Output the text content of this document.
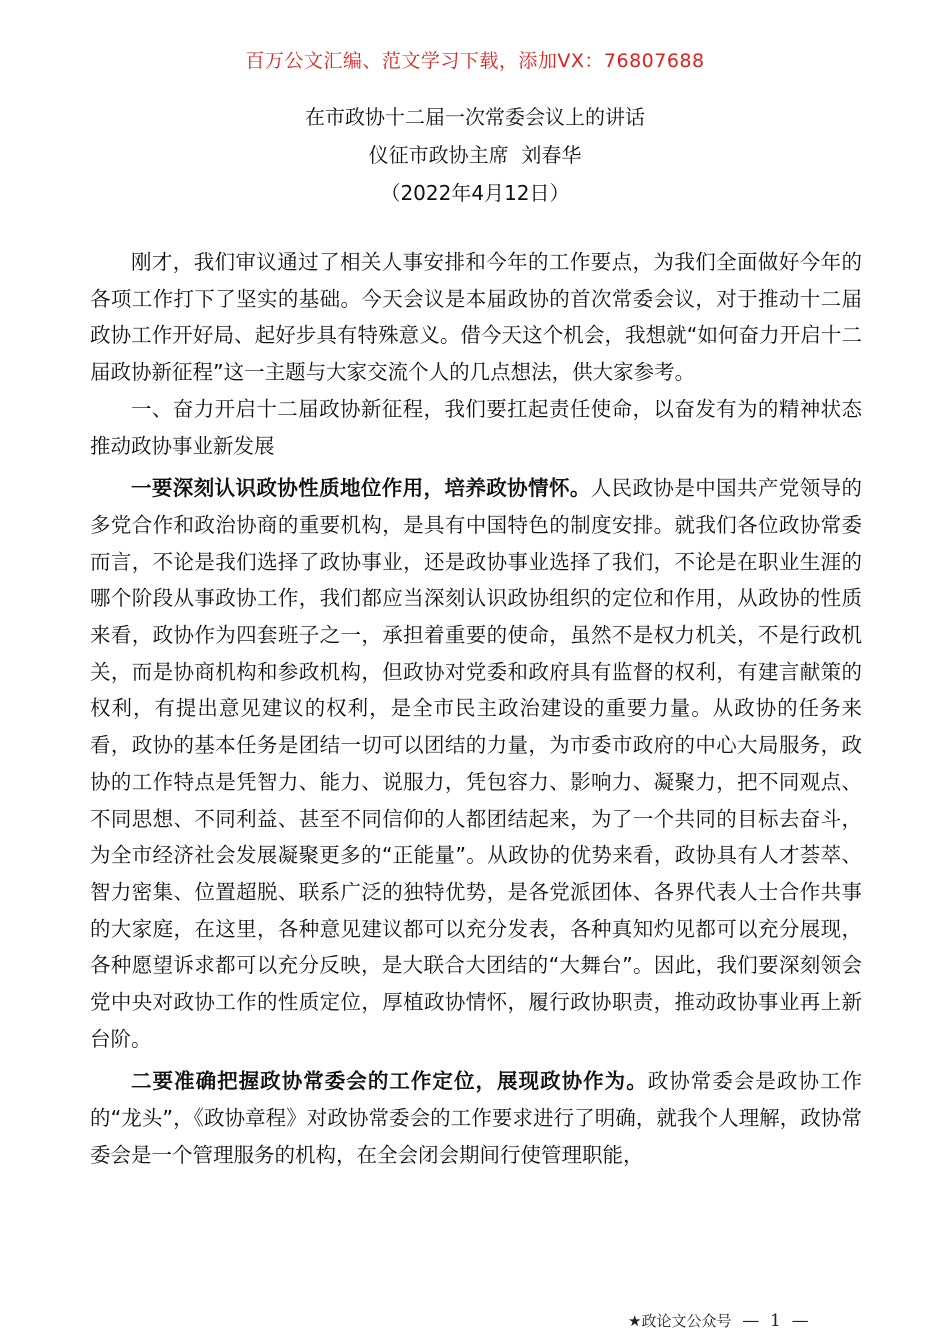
百万公文汇编、范文学习下载，添加VX：76807688
在市政协十二届一次常委会议上的讲话
仪征市政协主席  刘春华
（2022年4月12日）

刚才，我们审议通过了相关人事安排和今年的工作要点，为我们全面做好今年的各项工作打下了坚实的基础。今天会议是本届政协的首次常委会议，对于推动十二届政协工作开好局、起好步具有特殊意义。借今天这个机会，我想就“如何奋力开启十二届政协新征程”这一主题与大家交流个人的几点想法，供大家参考。

一、奋力开启十二届政协新征程，我们要扛起责任使命，以奋发有为的精神状态推动政协事业新发展

一要深刻认识政协性质地位作用，培养政协情怀。人民政协是中国共产党领导的多党合作和政治协商的重要机构，是具有中国特色的制度安排。就我们各位政协常委而言，不论是我们选择了政协事业，还是政协事业选择了我们，不论是在职业生涯的哪个阶段从事政协工作，我们都应当深刻认识政协组织的定位和作用，从政协的性质来看，政协作为四套班子之一，承担着重要的使命，虽然不是权力机关，不是行政机关，而是协商机构和参政机构，但政协对党委和政府具有监督的权利，有建言献策的权利，有提出意见建议的权利，是全市民主政治建设的重要力量。从政协的任务来看，政协的基本任务是团结一切可以团结的力量，为市委市政府的中心大局服务，政协的工作特点是凭智力、能力、说服力，凭包容力、影响力、凝聚力，把不同观点、不同思想、不同利益、甚至不同信仰的人都团结起来，为了一个共同的目标去奋斗，为全市经济社会发展凝聚更多的“正能量”。从政协的优势来看，政协具有人才荟萃、智力密集、位置超脱、联系广泛的独特优势，是各党派团体、各界代表人士合作共事的大家庭，在这里，各种意见建议都可以充分发表，各种真知灼见都可以充分展现，各种愿望诉求都可以充分反映，是大联合大团结的“大舞台”。因此，我们要深刻领会党中央对政协工作的性质定位，厚植政协情怀，履行政协职责，推动政协事业再上新台阶。

二要准确把握政协常委会的工作定位，展现政协作为。政协常委会是政协工作的“龙头”，《政协章程》对政协常委会的工作要求进行了明确，就我个人理解，政协常委会是一个管理服务的机构，在全会闭会期间行使管理职能，

★政论文公众号 — 1 —
